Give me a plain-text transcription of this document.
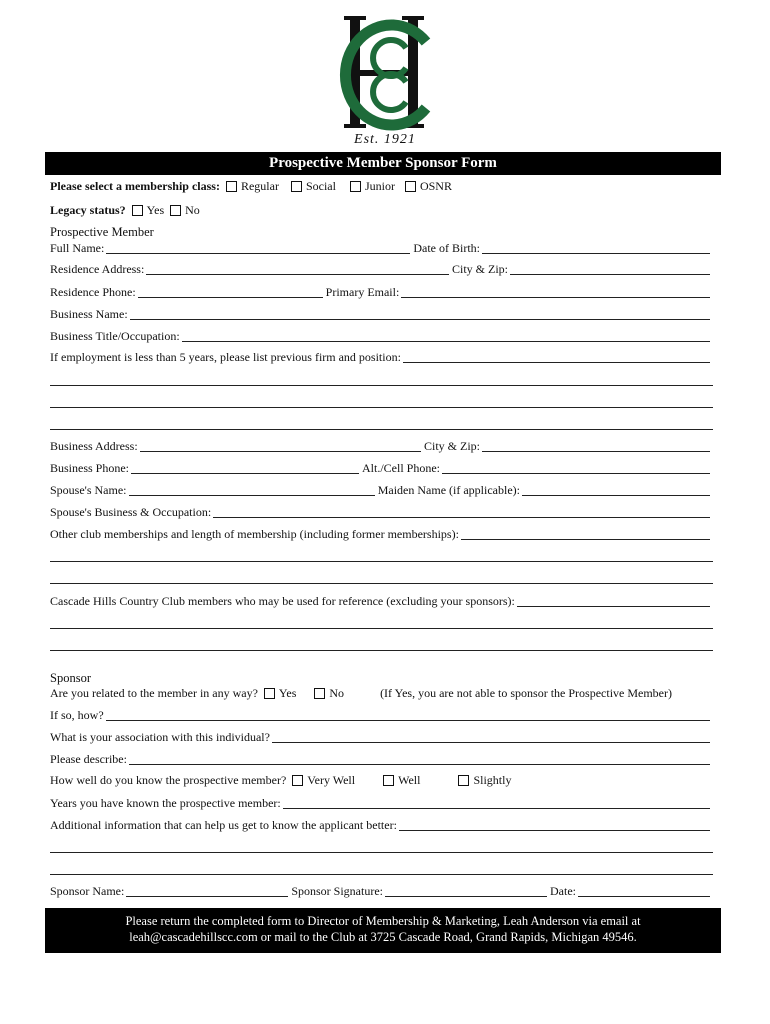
Est. 1921
Prospective Member Sponsor Form
Please select a membership class: Regular Social Junior OSNR
Legacy status? Yes No
Prospective Member
Full Name:	Date of Birth:
Residence Address:	City & Zip:
Residence Phone:	Primary Email:
Business Name:
Business Title/Occupation:
If employment is less than 5 years, please list previous firm and position:
Business Address:	City & Zip:
Business Phone:	Alt./Cell Phone:
Spouse's Name:	Maiden Name (if applicable):
Spouse's Business & Occupation:
Other club memberships and length of membership (including former memberships):
Cascade Hills Country Club members who may be used for reference (excluding your sponsors):
Sponsor
Are you related to the member in any way? Yes	No	(If Yes, you are not able to sponsor the Prospective Member)
If so, how?
What is your association with this individual?
Please describe:
How well do you know the prospective member? Very Well	Well	Slightly
Years you have known the prospective member:
Additional information that can help us get to know the applicant better:
Sponsor Name:	Sponsor Signature:	Date:
Please return the completed form to Director of Membership & Marketing, Leah Anderson via email at
leah@cascadehillscc.com or mail to the Club at 3725 Cascade Road, Grand Rapids, Michigan 49546.
